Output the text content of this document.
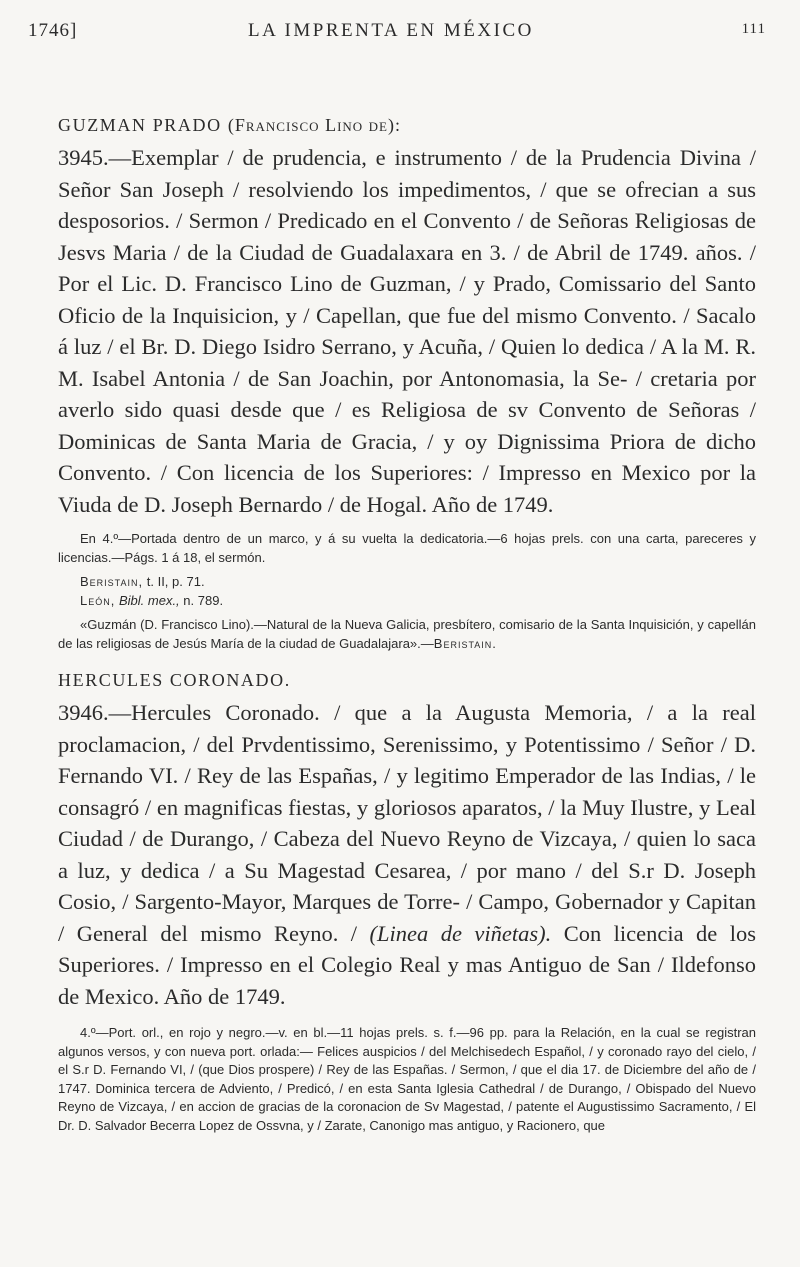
1746]	LA IMPRENTA EN MÉXICO	111
GUZMAN PRADO (Francisco Lino de):

3945.—Exemplar / de prudencia, e instrumento / de la Prudencia Divina / Señor San Joseph / resolviendo los impedimentos, / que se ofrecian a sus desposorios. / Sermon / Predicado en el Convento / de Señoras Religiosas de Jesvs Maria / de la Ciudad de Guadalaxara en 3. / de Abril de 1749. años. / Por el Lic. D. Francisco Lino de Guzman, / y Prado, Comissario del Santo Oficio de la Inquisicion, y / Capellan, que fue del mismo Convento. / Sacalo á luz / el Br. D. Diego Isidro Serrano, y Acuña, / Quien lo dedica / A la M. R. M. Isabel Antonia / de San Joachin, por Antonomasia, la Se- / cretaria por averlo sido quasi desde que / es Religiosa de sv Convento de Señoras / Dominicas de Santa Maria de Gracia, / y oy Dignissima Priora de dicho Convento. / Con licencia de los Superiores: / Impresso en Mexico por la Viuda de D. Joseph Bernardo / de Hogal. Año de 1749.

En 4.º—Portada dentro de un marco, y á su vuelta la dedicatoria.—6 hojas prels. con una carta, pareceres y licencias.—Págs. 1 á 18, el sermón.

Beristain, t. II, p. 71.

León, Bibl. mex., n. 789.

«Guzmán (D. Francisco Lino).—Natural de la Nueva Galicia, presbítero, comisario de la Santa Inquisición, y capellán de las religiosas de Jesús María de la ciudad de Guadalajara».—Beristain.

HERCULES CORONADO.

3946.—Hercules Coronado. / que a la Augusta Memoria, / a la real proclamacion, / del Prvdentissimo, Serenissimo, y Potentissimo / Señor / D. Fernando VI. / Rey de las Españas, / y legitimo Emperador de las Indias, / le consagró / en magnificas fiestas, y gloriosos aparatos, / la Muy Ilustre, y Leal Ciudad / de Durango, / Cabeza del Nuevo Reyno de Vizcaya, / quien lo saca a luz, y dedica / a Su Magestad Cesarea, / por mano / del S.r D. Joseph Cosio, / Sargento-Mayor, Marques de Torre- / Campo, Gobernador y Capitan / General del mismo Reyno. / (Linea de viñetas). Con licencia de los Superiores. / Impresso en el Colegio Real y mas Antiguo de San / Ildefonso de Mexico. Año de 1749.

4.º—Port. orl., en rojo y negro.—v. en bl.—11 hojas prels. s. f.—96 pp. para la Relación, en la cual se registran algunos versos, y con nueva port. orlada:— Felices auspicios / del Melchisedech Español, / y coronado rayo del cielo, / el S.r D. Fernando VI, / (que Dios prospere) / Rey de las Españas. / Sermon, / que el dia 17. de Diciembre del año de / 1747. Dominica tercera de Adviento, / Predicó, / en esta Santa Iglesia Cathedral / de Durango, / Obispado del Nuevo Reyno de Vizcaya, / en accion de gracias de la coronacion de Sv Magestad, / patente el Augustissimo Sacramento, / El Dr. D. Salvador Becerra Lopez de Ossvna, y / Zarate, Canonigo mas antiguo, y Racionero, que
